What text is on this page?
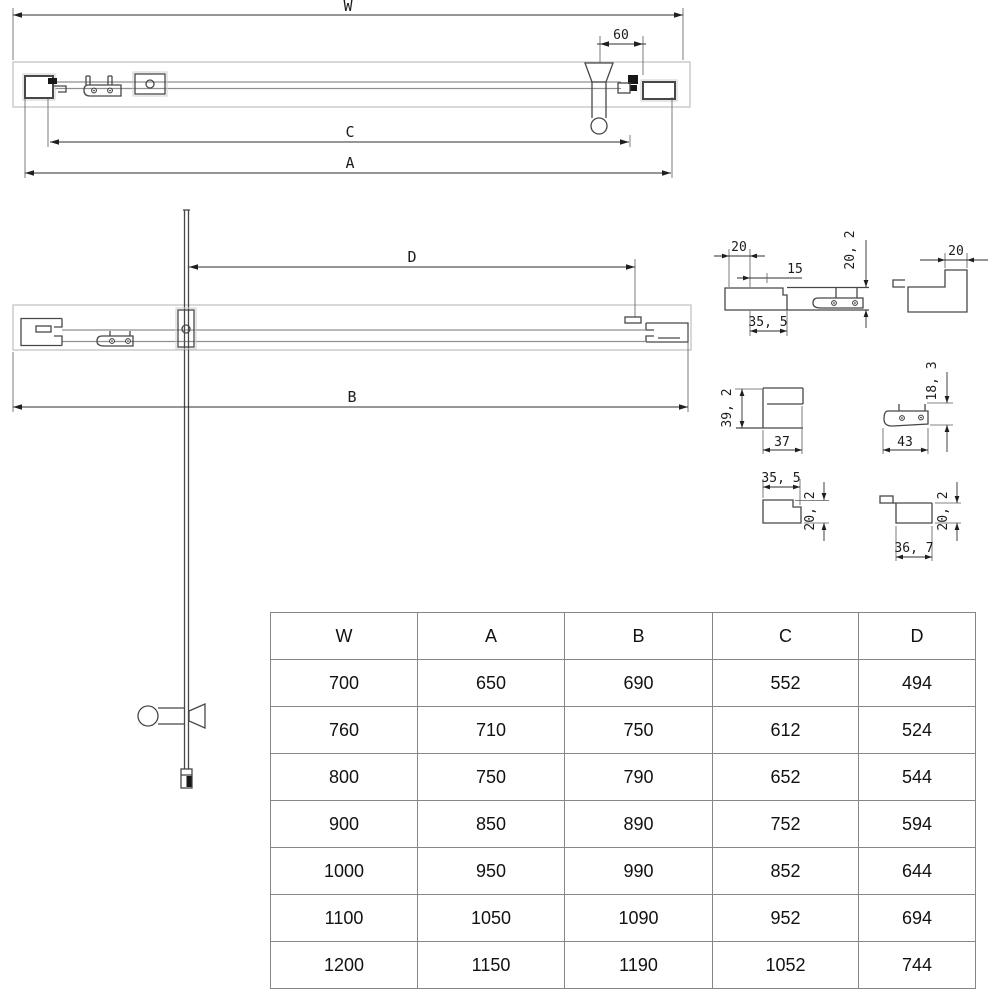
W
60
C
A
D
B
20
15
35, 5
20, 2	20
39, 2
37
18, 3
43
35, 5
20, 2
36, 7
20, 2
W	A	B	C	D
700	650	690	552	494
760	710	750	612	524
800	750	790	652	544
900	850	890	752	594
1000	950	990	852	644
1100	1050	1090	952	694
1200	1150	1190	1052	744
